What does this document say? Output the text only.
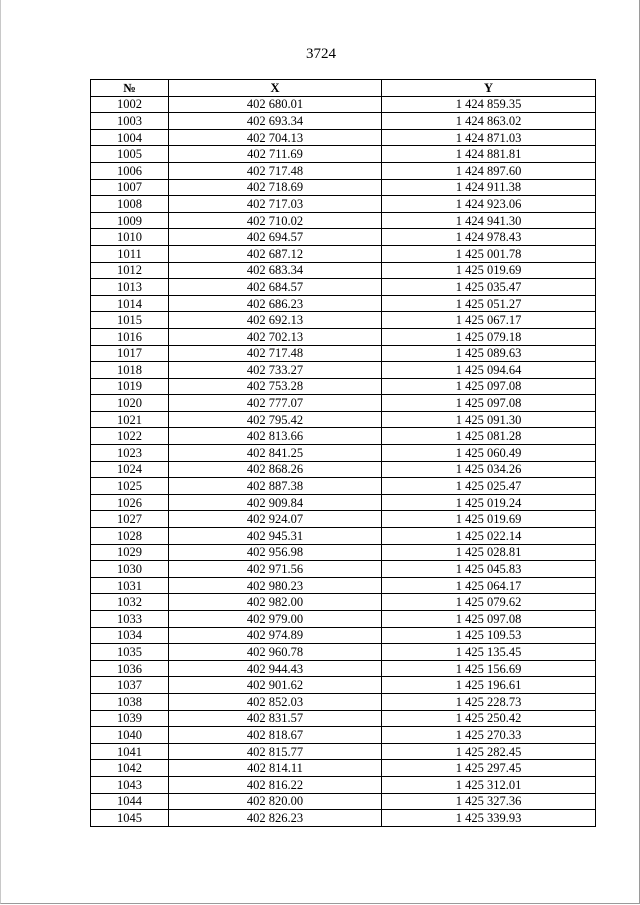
3724
№	X	Y
1002	402 680.01	1 424 859.35
1003	402 693.34	1 424 863.02
1004	402 704.13	1 424 871.03
1005	402 711.69	1 424 881.81
1006	402 717.48	1 424 897.60
1007	402 718.69	1 424 911.38
1008	402 717.03	1 424 923.06
1009	402 710.02	1 424 941.30
1010	402 694.57	1 424 978.43
1011	402 687.12	1 425 001.78
1012	402 683.34	1 425 019.69
1013	402 684.57	1 425 035.47
1014	402 686.23	1 425 051.27
1015	402 692.13	1 425 067.17
1016	402 702.13	1 425 079.18
1017	402 717.48	1 425 089.63
1018	402 733.27	1 425 094.64
1019	402 753.28	1 425 097.08
1020	402 777.07	1 425 097.08
1021	402 795.42	1 425 091.30
1022	402 813.66	1 425 081.28
1023	402 841.25	1 425 060.49
1024	402 868.26	1 425 034.26
1025	402 887.38	1 425 025.47
1026	402 909.84	1 425 019.24
1027	402 924.07	1 425 019.69
1028	402 945.31	1 425 022.14
1029	402 956.98	1 425 028.81
1030	402 971.56	1 425 045.83
1031	402 980.23	1 425 064.17
1032	402 982.00	1 425 079.62
1033	402 979.00	1 425 097.08
1034	402 974.89	1 425 109.53
1035	402 960.78	1 425 135.45
1036	402 944.43	1 425 156.69
1037	402 901.62	1 425 196.61
1038	402 852.03	1 425 228.73
1039	402 831.57	1 425 250.42
1040	402 818.67	1 425 270.33
1041	402 815.77	1 425 282.45
1042	402 814.11	1 425 297.45
1043	402 816.22	1 425 312.01
1044	402 820.00	1 425 327.36
1045	402 826.23	1 425 339.93
